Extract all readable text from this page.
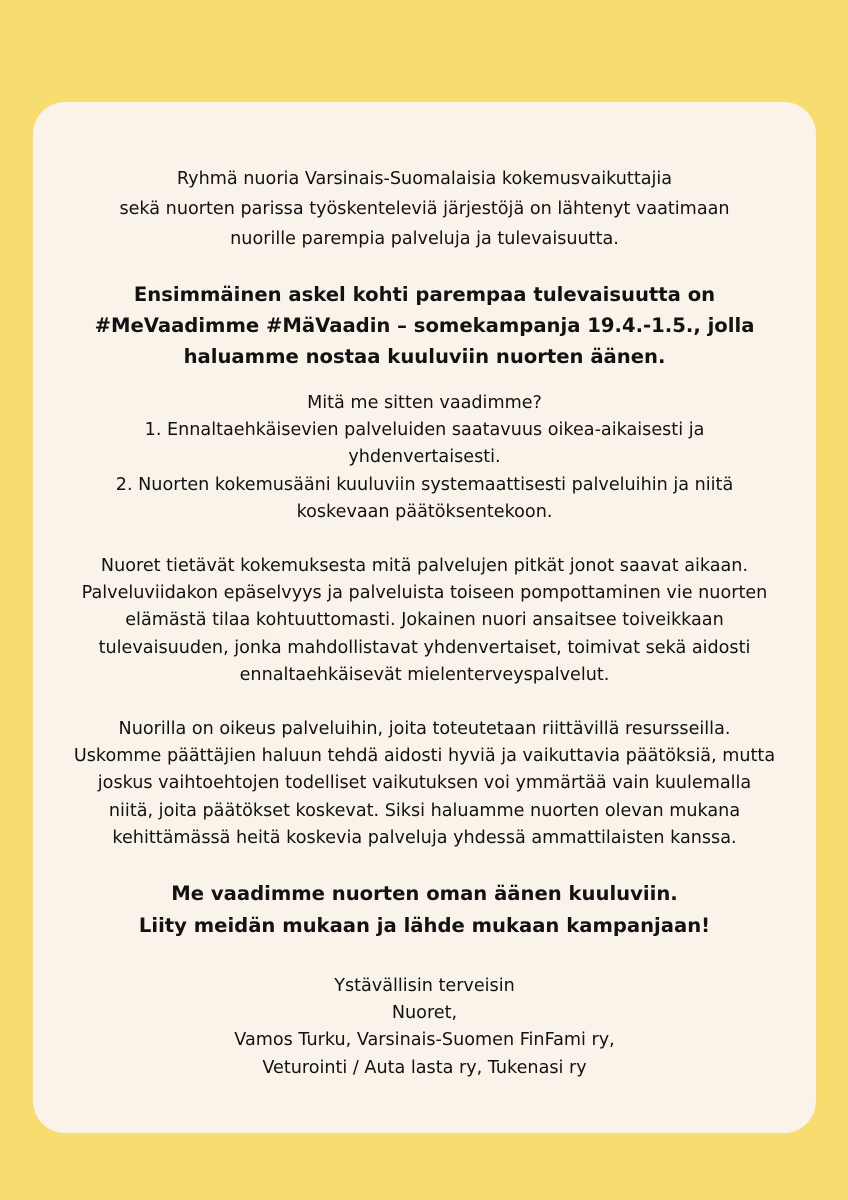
Ryhmä nuoria Varsinais-Suomalaisia kokemusvaikuttajia
sekä nuorten parissa työskenteleviä järjestöjä on lähtenyt vaatimaan
nuorille parempia palveluja ja tulevaisuutta.

Ensimmäinen askel kohti parempaa tulevaisuutta on
#MeVaadimme #MäVaadin – somekampanja 19.4.-1.5., jolla
haluamme nostaa kuuluviin nuorten äänen.

Mitä me sitten vaadimme?
1. Ennaltaehkäisevien palveluiden saatavuus oikea-aikaisesti ja
yhdenvertaisesti.
2. Nuorten kokemusääni kuuluviin systemaattisesti palveluihin ja niitä
koskevaan päätöksentekoon.

Nuoret tietävät kokemuksesta mitä palvelujen pitkät jonot saavat aikaan.
Palveluviidakon epäselvyys ja palveluista toiseen pompottaminen vie nuorten
elämästä tilaa kohtuuttomasti. Jokainen nuori ansaitsee toiveikkaan
tulevaisuuden, jonka mahdollistavat yhdenvertaiset, toimivat sekä aidosti
ennaltaehkäisevät mielenterveyspalvelut.

Nuorilla on oikeus palveluihin, joita toteutetaan riittävillä resursseilla.
Uskomme päättäjien haluun tehdä aidosti hyviä ja vaikuttavia päätöksiä, mutta
joskus vaihtoehtojen todelliset vaikutuksen voi ymmärtää vain kuulemalla
niitä, joita päätökset koskevat. Siksi haluamme nuorten olevan mukana
kehittämässä heitä koskevia palveluja yhdessä ammattilaisten kanssa.

Me vaadimme nuorten oman äänen kuuluviin.
Liity meidän mukaan ja lähde mukaan kampanjaan!

Ystävällisin terveisin
Nuoret,
Vamos Turku, Varsinais-Suomen FinFami ry,
Veturointi / Auta lasta ry, Tukenasi ry
